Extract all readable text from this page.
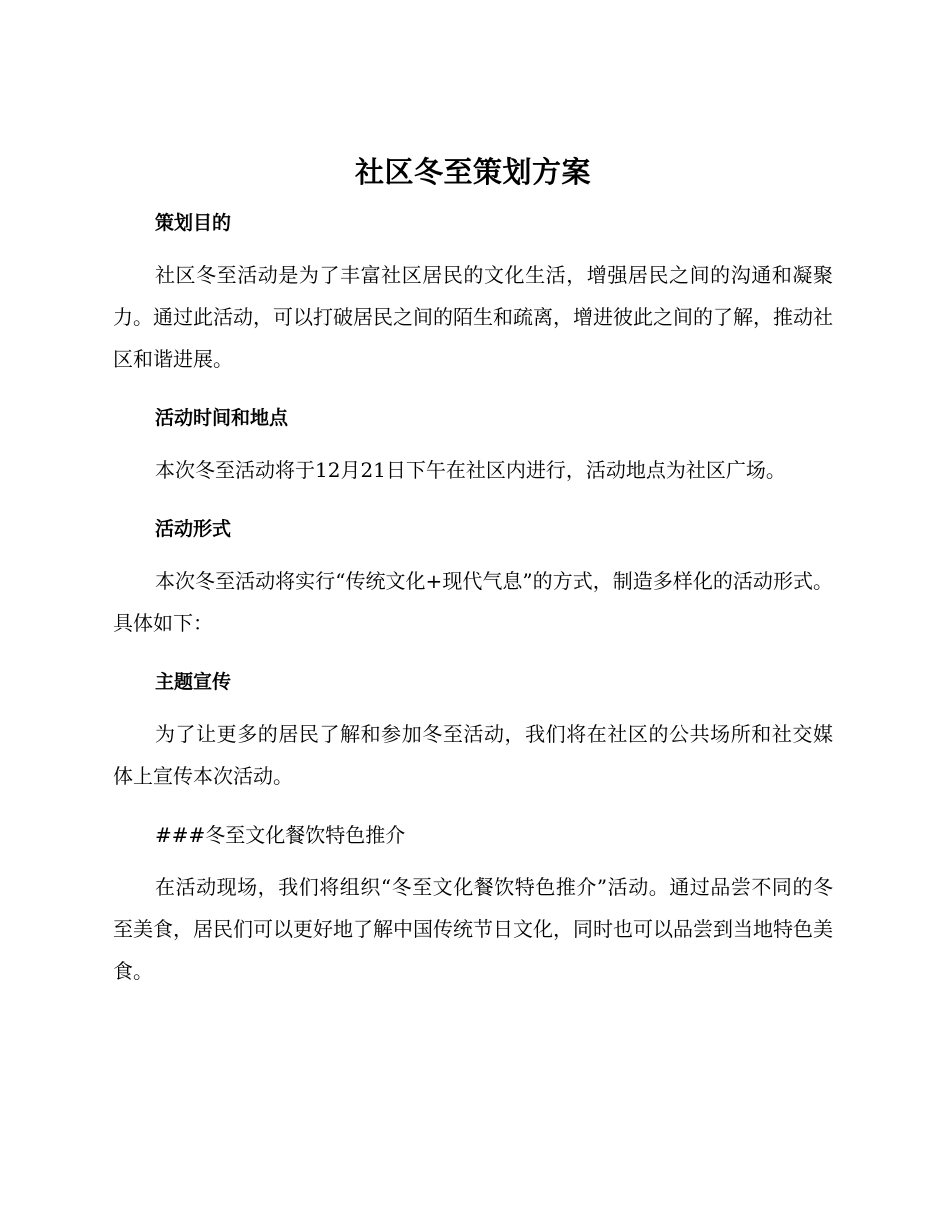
社区冬至策划方案
策划目的

社区冬至活动是为了丰富社区居民的文化生活，增强居民之间的沟通和凝聚力。通过此活动，可以打破居民之间的陌生和疏离，增进彼此之间的了解，推动社区和谐进展。

活动时间和地点

本次冬至活动将于12月21日下午在社区内进行，活动地点为社区广场。

活动形式

本次冬至活动将实行“传统文化+现代气息”的方式，制造多样化的活动形式。具体如下：

主题宣传

为了让更多的居民了解和参加冬至活动，我们将在社区的公共场所和社交媒体上宣传本次活动。

###冬至文化餐饮特色推介

在活动现场，我们将组织“冬至文化餐饮特色推介”活动。通过品尝不同的冬至美食，居民们可以更好地了解中国传统节日文化，同时也可以品尝到当地特色美食。
